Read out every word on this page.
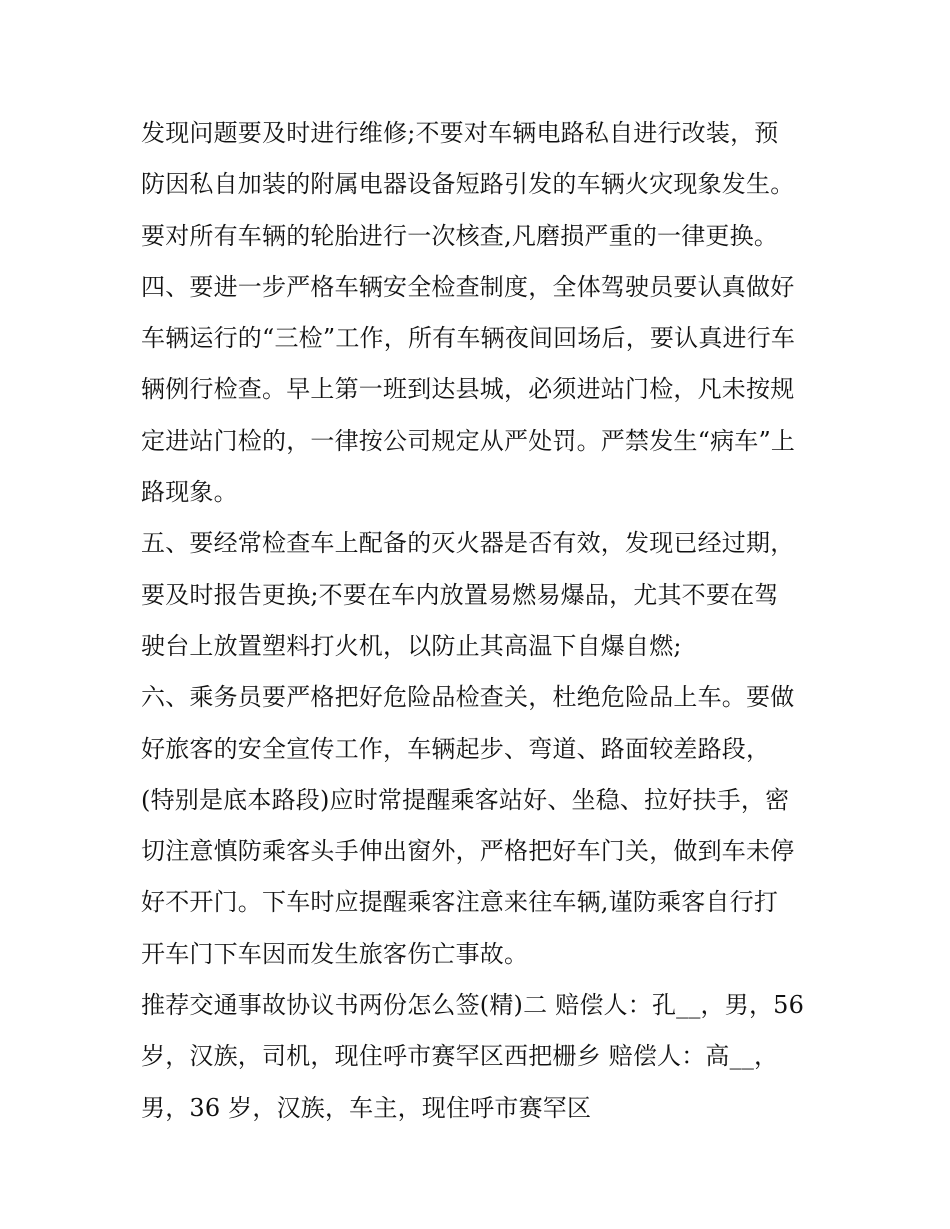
发现问题要及时进行维修;不要对车辆电路私自进行改装，预
防因私自加装的附属电器设备短路引发的车辆火灾现象发生。
要对所有车辆的轮胎进行一次核查,凡磨损严重的一律更换。
四、要进一步严格车辆安全检查制度，全体驾驶员要认真做好
车辆运行的“三检”工作，所有车辆夜间回场后，要认真进行车
辆例行检查。早上第一班到达县城，必须进站门检，凡未按规
定进站门检的，一律按公司规定从严处罚。严禁发生“病车”上
路现象。
五、要经常检查车上配备的灭火器是否有效，发现已经过期，
要及时报告更换;不要在车内放置易燃易爆品，尤其不要在驾
驶台上放置塑料打火机，以防止其高温下自爆自燃;
六、乘务员要严格把好危险品检查关，杜绝危险品上车。要做
好旅客的安全宣传工作，车辆起步、弯道、路面较差路段，
(特别是底本路段)应时常提醒乘客站好、坐稳、拉好扶手，密
切注意慎防乘客头手伸出窗外，严格把好车门关，做到车未停
好不开门。下车时应提醒乘客注意来往车辆,谨防乘客自行打
开车门下车因而发生旅客伤亡事故。
推荐交通事故协议书两份怎么签(精)二 赔偿人：孔__，男，56
岁，汉族，司机，现住呼市赛罕区西把栅乡 赔偿人：高__，
男，36 岁，汉族，车主，现住呼市赛罕区
